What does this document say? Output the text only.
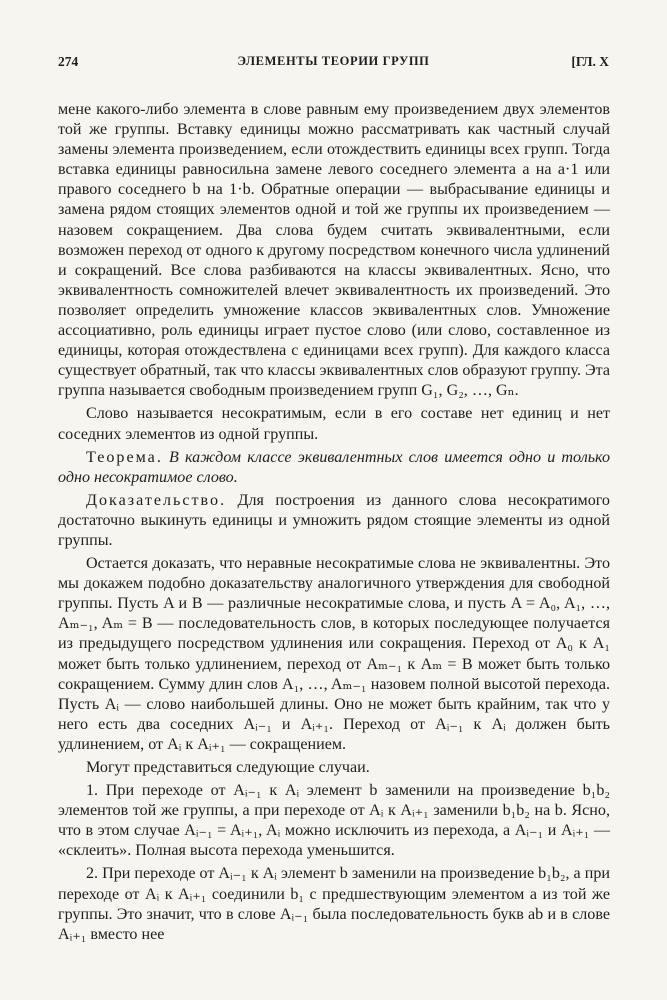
274	ЭЛЕМЕНТЫ ТЕОРИИ ГРУПП	[ГЛ. X

мене какого-либо элемента в слове равным ему произведением двух элементов той же группы. Вставку единицы можно рассматривать как частный случай замены элемента произведением, если отождествить единицы всех групп. Тогда вставка единицы равносильна замене левого соседнего элемента a на a·1 или правого соседнего b на 1·b. Обратные операции — выбрасывание единицы и замена рядом стоящих элементов одной и той же группы их произведением — назовем сокращением. Два слова будем считать эквивалентными, если возможен переход от одного к другому посредством конечного числа удлинений и сокращений. Все слова разбиваются на классы эквивалентных. Ясно, что эквивалентность сомножителей влечет эквивалентность их произведений. Это позволяет определить умножение классов эквивалентных слов. Умножение ассоциативно, роль единицы играет пустое слово (или слово, составленное из единицы, которая отождествлена с единицами всех групп). Для каждого класса существует обратный, так что классы эквивалентных слов образуют группу. Эта группа называется свободным произведением групп G₁, G₂, …, Gₙ.

Слово называется несократимым, если в его составе нет единиц и нет соседних элементов из одной группы.

Теорема. В каждом классе эквивалентных слов имеется одно и только одно несократимое слово.

Доказательство. Для построения из данного слова несократимого достаточно выкинуть единицы и умножить рядом стоящие элементы из одной группы.

Остается доказать, что неравные несократимые слова не эквивалентны. Это мы докажем подобно доказательству аналогичного утверждения для свободной группы. Пусть A и B — различные несократимые слова, и пусть A = A₀, A₁, …, Aₘ₋₁, Aₘ = B — последовательность слов, в которых последующее получается из предыдущего посредством удлинения или сокращения. Переход от A₀ к A₁ может быть только удлинением, переход от Aₘ₋₁ к Aₘ = B может быть только сокращением. Сумму длин слов A₁, …, Aₘ₋₁ назовем полной высотой перехода. Пусть Aᵢ — слово наибольшей длины. Оно не может быть крайним, так что у него есть два соседних Aᵢ₋₁ и Aᵢ₊₁. Переход от Aᵢ₋₁ к Aᵢ должен быть удлинением, от Aᵢ к Aᵢ₊₁ — сокращением.

Могут представиться следующие случаи.

1. При переходе от Aᵢ₋₁ к Aᵢ элемент b заменили на произведение b₁b₂ элементов той же группы, а при переходе от Aᵢ к Aᵢ₊₁ заменили b₁b₂ на b. Ясно, что в этом случае Aᵢ₋₁ = Aᵢ₊₁, Aᵢ можно исключить из перехода, а Aᵢ₋₁ и Aᵢ₊₁ — «склеить». Полная высота перехода уменьшится.

2. При переходе от Aᵢ₋₁ к Aᵢ элемент b заменили на произведение b₁b₂, а при переходе от Aᵢ к Aᵢ₊₁ соединили b₁ с предшествующим элементом a из той же группы. Это значит, что в слове Aᵢ₋₁ была последовательность букв ab и в слове Aᵢ₊₁ вместо нее
